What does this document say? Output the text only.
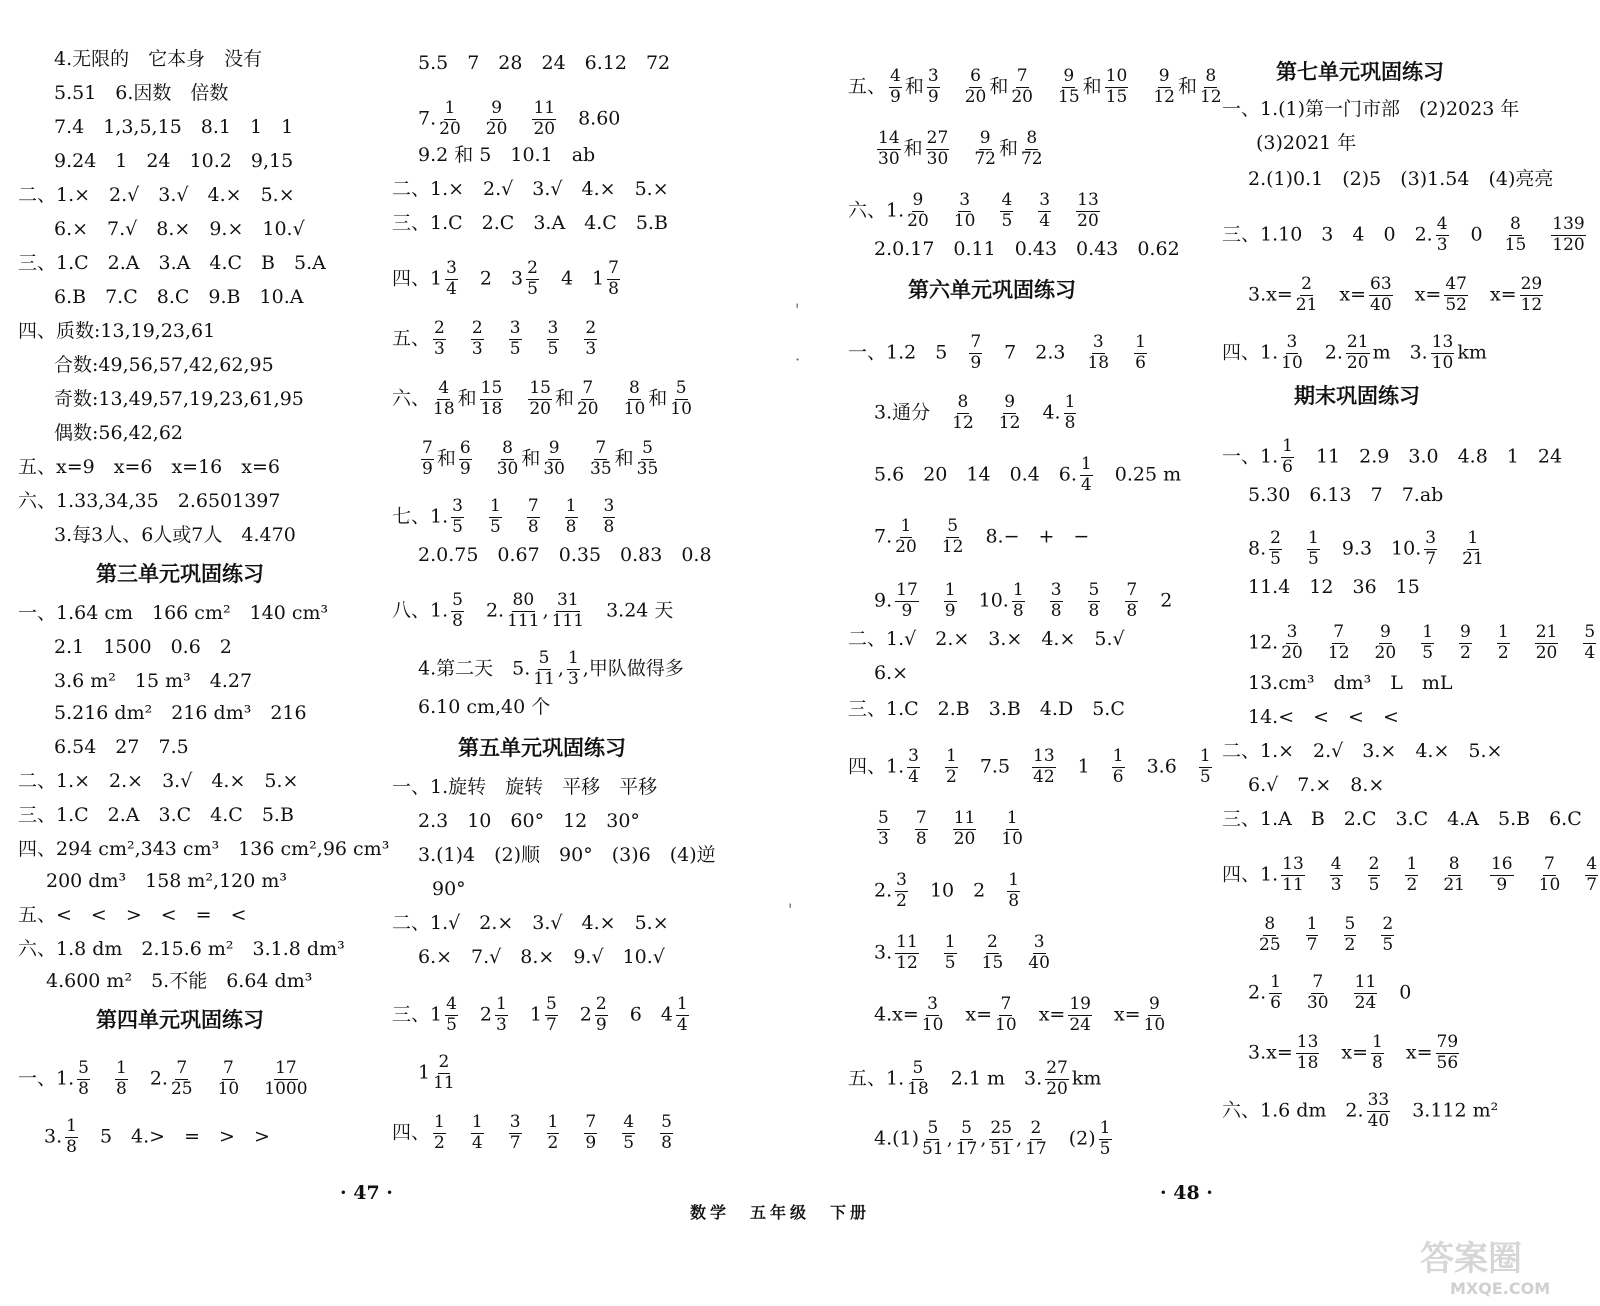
4.无限的　它本身　没有
5.51　6.因数　倍数
7.4　1,3,5,15　8.1　1　1
9.24　1　24　10.2　9,15
二、1.×　2.√　3.√　4.×　5.×
6.×　7.√　8.×　9.×　10.√
三、1.C　2.A　3.A　4.C　B　5.A
6.B　7.C　8.C　9.B　10.A
四、质数:13,19,23,61
合数:49,56,57,42,62,95
奇数:13,49,57,19,23,61,95
偶数:56,42,62
五、x=9　x=6　x=16　x=6
六、1.33,34,35　2.6501397
3.每3人、6人或7人　4.470
第三单元巩固练习
一、1.64 cm　166 cm²　140 cm³
2.1　1500　0.6　2
3.6 m²　15 m³　4.27
5.216 dm²　216 dm³　216
6.54　27　7.5
二、1.×　2.×　3.√　4.×　5.×
三、1.C　2.A　3.C　4.C　5.B
四、294 cm²,343 cm³　136 cm²,96 cm³
200 dm³　158 m²,120 m³
五、<　<　>　<　=　<
六、1.8 dm　2.15.6 m²　3.1.8 dm³
4.600 m²　5.不能　6.64 dm³
第四单元巩固练习
一、1. $\frac{5}{8}$
　 $\frac{1}{8}$ 　2. $\frac{7}{25}$
　 $\frac{7}{10}$
　 $\frac{17}{1000}$
3. $\frac{1}{8}$ 　5　4.>　=　>　>
5.5　7　28　24　6.12　72
7. $\frac{1}{20}$
　 $\frac{9}{20}$
　 $\frac{11}{20}$ 　8.60
9.2 和 5　10.1　ab
二、1.×　2.√　3.√　4.×　5.×
三、1.C　2.C　3.A　4.C　5.B
四、$1 \frac{3}{4}$ 　2　$3 \frac{2}{5}$ 　4　$1 \frac{7}{8}$
五、 $\frac{2}{3}$
　 $\frac{2}{3}$
　 $\frac{3}{5}$
　 $\frac{3}{5}$
　 $\frac{2}{3}$
六、 $\frac{4}{18}$ 和 $\frac{15}{18}$
　 $\frac{15}{20}$ 和 $\frac{7}{20}$
　 $\frac{8}{10}$ 和 $\frac{5}{10}$
$\frac{7}{9}$ 和 $\frac{6}{9}$
　 $\frac{8}{30}$ 和 $\frac{9}{30}$
　 $\frac{7}{35}$ 和 $\frac{5}{35}$
七、1. $\frac{3}{5}$
　 $\frac{1}{5}$
　 $\frac{7}{8}$
　 $\frac{1}{8}$
　 $\frac{3}{8}$
2.0.75　0.67　0.35　0.83　0.8
八、1. $\frac{5}{8}$ 　2. $\frac{80}{111}$ , $\frac{31}{111}$ 　3.24 天
4.第二天　5. $\frac{5}{11}$ , $\frac{1}{3}$ ,甲队做得多
6.10 cm,40 个
第五单元巩固练习
一、1.旋转　旋转　平移　平移
2.3　10　60°　12　30°
3.(1)4　(2)顺　90°　(3)6　(4)逆
90°
二、1.√　2.×　3.√　4.×　5.×
6.×　7.√　8.×　9.√　10.√
三、$1 \frac{4}{5}$ 　$2 \frac{1}{3}$ 　$1 \frac{5}{7}$ 　$2 \frac{2}{9}$ 　6　$4 \frac{1}{4}$
$1 \frac{2}{11}$
四、 $\frac{1}{2}$
　 $\frac{1}{4}$
　 $\frac{3}{7}$
　 $\frac{1}{2}$
　 $\frac{7}{9}$
　 $\frac{4}{5}$
　 $\frac{5}{8}$
五、 $\frac{4}{9}$ 和 $\frac{3}{9}$
　 $\frac{6}{20}$ 和 $\frac{7}{20}$
　 $\frac{9}{15}$ 和 $\frac{10}{15}$
　 $\frac{9}{12}$ 和 $\frac{8}{12}$
$\frac{14}{30}$ 和 $\frac{27}{30}$
　 $\frac{9}{72}$ 和 $\frac{8}{72}$
六、1. $\frac{9}{20}$
　 $\frac{3}{10}$
　 $\frac{4}{5}$
　 $\frac{3}{4}$
　 $\frac{13}{20}$
2.0.17　0.11　0.43　0.43　0.62
第六单元巩固练习
一、1.2　5　 $\frac{7}{9}$ 　7　2.3　 $\frac{3}{18}$
　 $\frac{1}{6}$
3.通分　 $\frac{8}{12}$
　 $\frac{9}{12}$ 　4. $\frac{1}{8}$
5.6　20　14　0.4　6. $\frac{1}{4}$ 　0.25 m
7. $\frac{1}{20}$
　 $\frac{5}{12}$ 　8.−　+　−
9. $\frac{17}{9}$
　 $\frac{1}{9}$ 　10. $\frac{1}{8}$
　 $\frac{3}{8}$
　 $\frac{5}{8}$
　 $\frac{7}{8}$ 　2
二、1.√　2.×　3.×　4.×　5.√
6.×
三、1.C　2.B　3.B　4.D　5.C
四、1. $\frac{3}{4}$
　 $\frac{1}{2}$ 　7.5　 $\frac{13}{42}$ 　1　 $\frac{1}{6}$ 　3.6　 $\frac{1}{5}$
$\frac{5}{3}$
　 $\frac{7}{8}$
　 $\frac{11}{20}$
　 $\frac{1}{10}$
2. $\frac{3}{2}$ 　10　2　 $\frac{1}{8}$
3. $\frac{11}{12}$
　 $\frac{1}{5}$
　 $\frac{2}{15}$
　 $\frac{3}{40}$
$4.x= \frac{3}{10}$ 　$x= \frac{7}{10}$ 　$x= \frac{19}{24}$ 　$x= \frac{9}{10}$
五、1. $\frac{5}{18}$ 　2.1 m　3. $\frac{27}{20}$ km
$4.(1) \frac{5}{51}$ , $\frac{5}{17}$ , $\frac{25}{51}$ , $\frac{2}{17}$ 　$(2) \frac{1}{5}$
第七单元巩固练习
一、1.(1)第一门市部　(2)2023 年
(3)2021 年
2.(1)0.1　(2)5　(3)1.54　(4)亮亮
三、1.10　3　4　0　2. $\frac{4}{3}$ 　0　 $\frac{8}{15}$
　 $\frac{139}{120}$
$3.x= \frac{2}{21}$ 　$x= \frac{63}{40}$ 　$x= \frac{47}{52}$ 　$x= \frac{29}{12}$
四、1. $\frac{3}{10}$ 　2. $\frac{21}{20}$ m　3. $\frac{13}{10}$ km
期末巩固练习
一、1. $\frac{1}{6}$ 　11　2.9　3.0　4.8　1　24
5.30　6.13　7　7.ab
8. $\frac{2}{5}$
　 $\frac{1}{5}$ 　9.3　10. $\frac{3}{7}$
　 $\frac{1}{21}$
11.4　12　36　15
12. $\frac{3}{20}$
　 $\frac{7}{12}$
　 $\frac{9}{20}$
　 $\frac{1}{5}$
　 $\frac{9}{2}$
　 $\frac{1}{2}$
　 $\frac{21}{20}$
　 $\frac{5}{4}$
13.cm³　dm³　L　mL
14.<　<　<　<
二、1.×　2.√　3.×　4.×　5.×
6.√　7.×　8.×
三、1.A　B　2.C　3.C　4.A　5.B　6.C
四、1. $\frac{13}{11}$
　 $\frac{4}{3}$
　 $\frac{2}{5}$
　 $\frac{1}{2}$
　 $\frac{8}{21}$
　 $\frac{16}{9}$
　 $\frac{7}{10}$
　 $\frac{4}{7}$
$\frac{8}{25}$
　 $\frac{1}{7}$
　 $\frac{5}{2}$
　 $\frac{2}{5}$
2. $\frac{1}{6}$
　 $\frac{7}{30}$
　 $\frac{11}{24}$ 　0
$3.x= \frac{13}{18}$ 　$x= \frac{1}{8}$ 　$x= \frac{79}{56}$
六、1.6 dm　2. $\frac{33}{40}$ 　3.112 m²
· 47 ·
数学　五年级　下册
· 48 ·
'
·
'
答案圈
MXQE.COM
